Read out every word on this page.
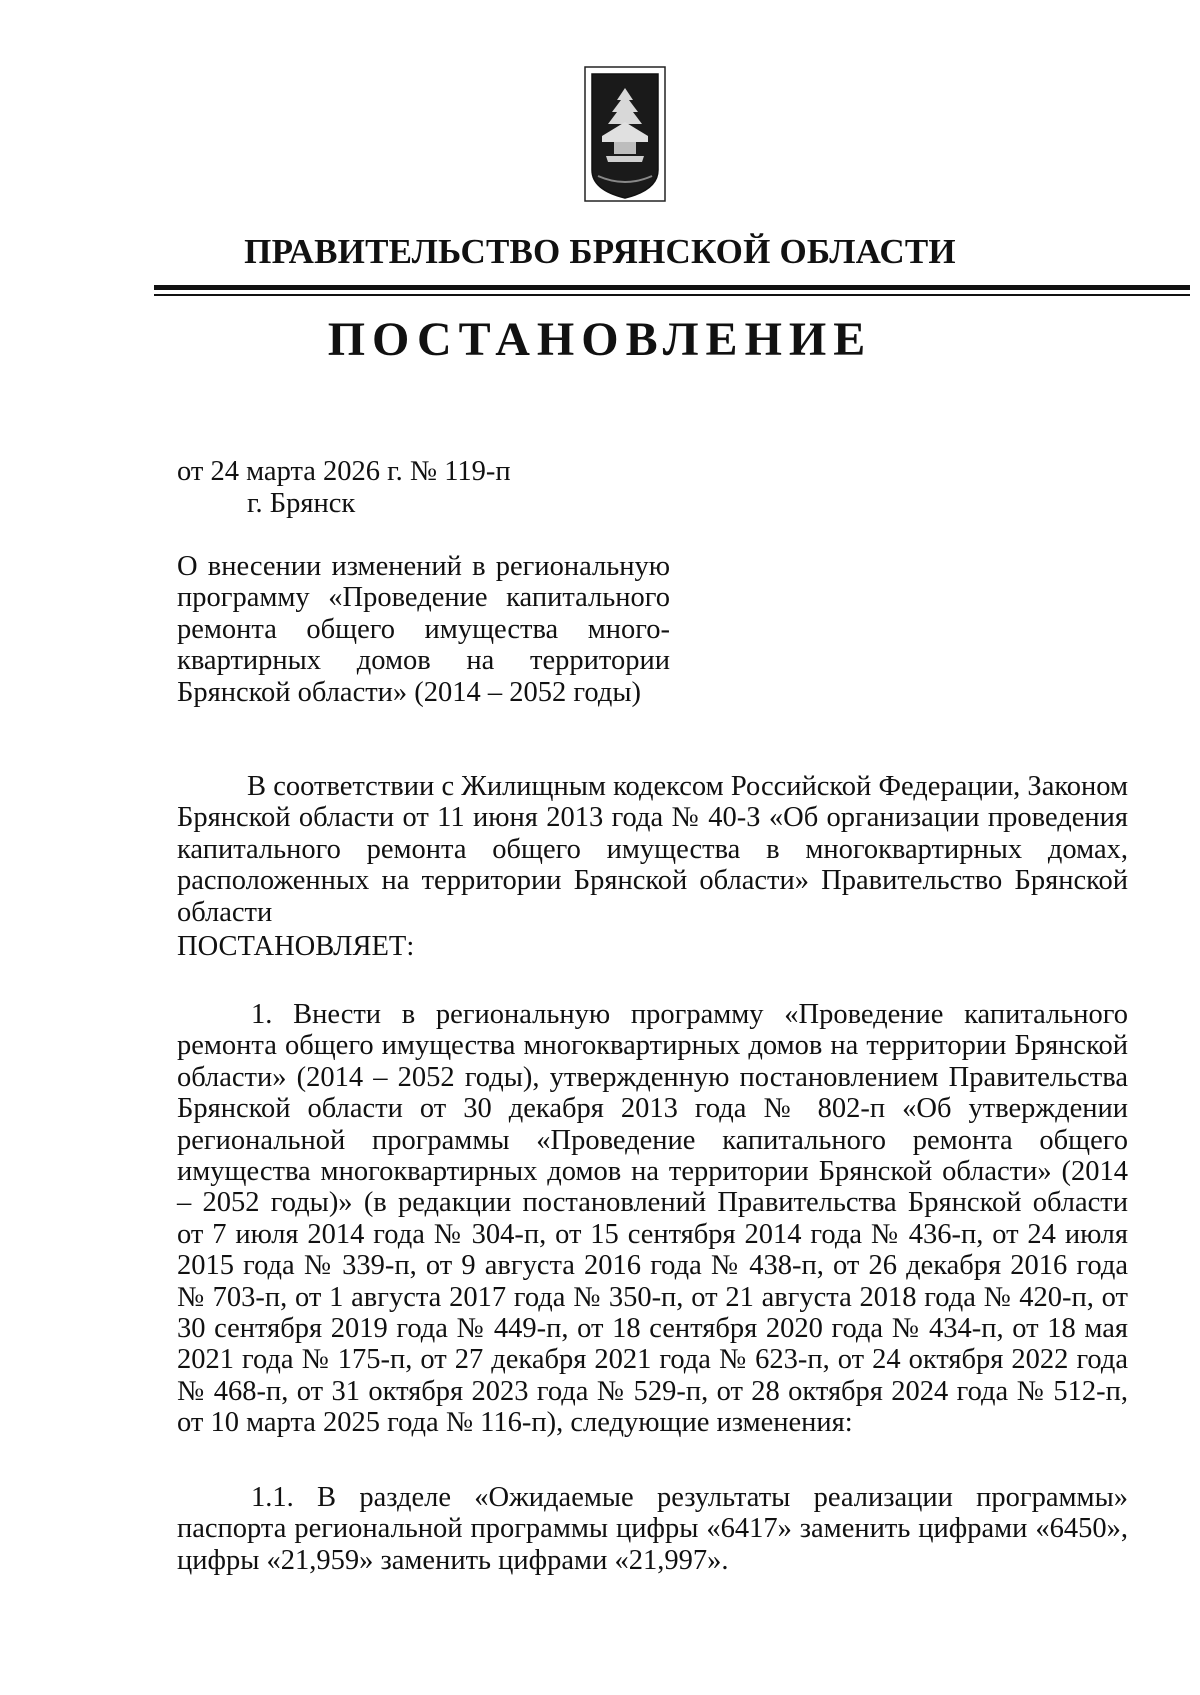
ПРАВИТЕЛЬСТВО БРЯНСКОЙ ОБЛАСТИ
ПОСТАНОВЛЕНИЕ
от 24 марта 2026 г. № 119-п
г. Брянск
О внесении изменений в региональную программу «Проведение капитального ремонта общего имущества много-квартирных домов на территории Брянской области» (2014 – 2052 годы)
В соответствии с Жилищным кодексом Российской Федерации, Законом Брянской области от 11 июня 2013 года № 40-З «Об организации проведения капитального ремонта общего имущества в многоквартирных домах, расположенных на территории Брянской области» Правительство Брянской области
ПОСТАНОВЛЯЕТ:
1. Внести в региональную программу «Проведение капитального ремонта общего имущества многоквартирных домов на территории Брянской области» (2014 – 2052 годы), утвержденную постановлением Правительства Брянской области от 30 декабря 2013 года № 802-п «Об утверждении региональной программы «Проведение капитального ремонта общего имущества многоквартирных домов на территории Брянской области» (2014 – 2052 годы)» (в редакции постановлений Правительства Брянской области от 7 июля 2014 года № 304-п, от 15 сентября 2014 года № 436-п, от 24 июля 2015 года № 339-п, от 9 августа 2016 года № 438-п, от 26 декабря 2016 года № 703-п, от 1 августа 2017 года № 350-п, от 21 августа 2018 года № 420-п, от 30 сентября 2019 года № 449-п, от 18 сентября 2020 года № 434-п, от 18 мая 2021 года № 175-п, от 27 декабря 2021 года № 623-п, от 24 октября 2022 года № 468-п, от 31 октября 2023 года № 529-п, от 28 октября 2024 года № 512-п, от 10 марта 2025 года № 116-п), следующие изменения:
1.1. В разделе «Ожидаемые результаты реализации программы» паспорта региональной программы цифры «6417» заменить цифрами «6450», цифры «21,959» заменить цифрами «21,997».
